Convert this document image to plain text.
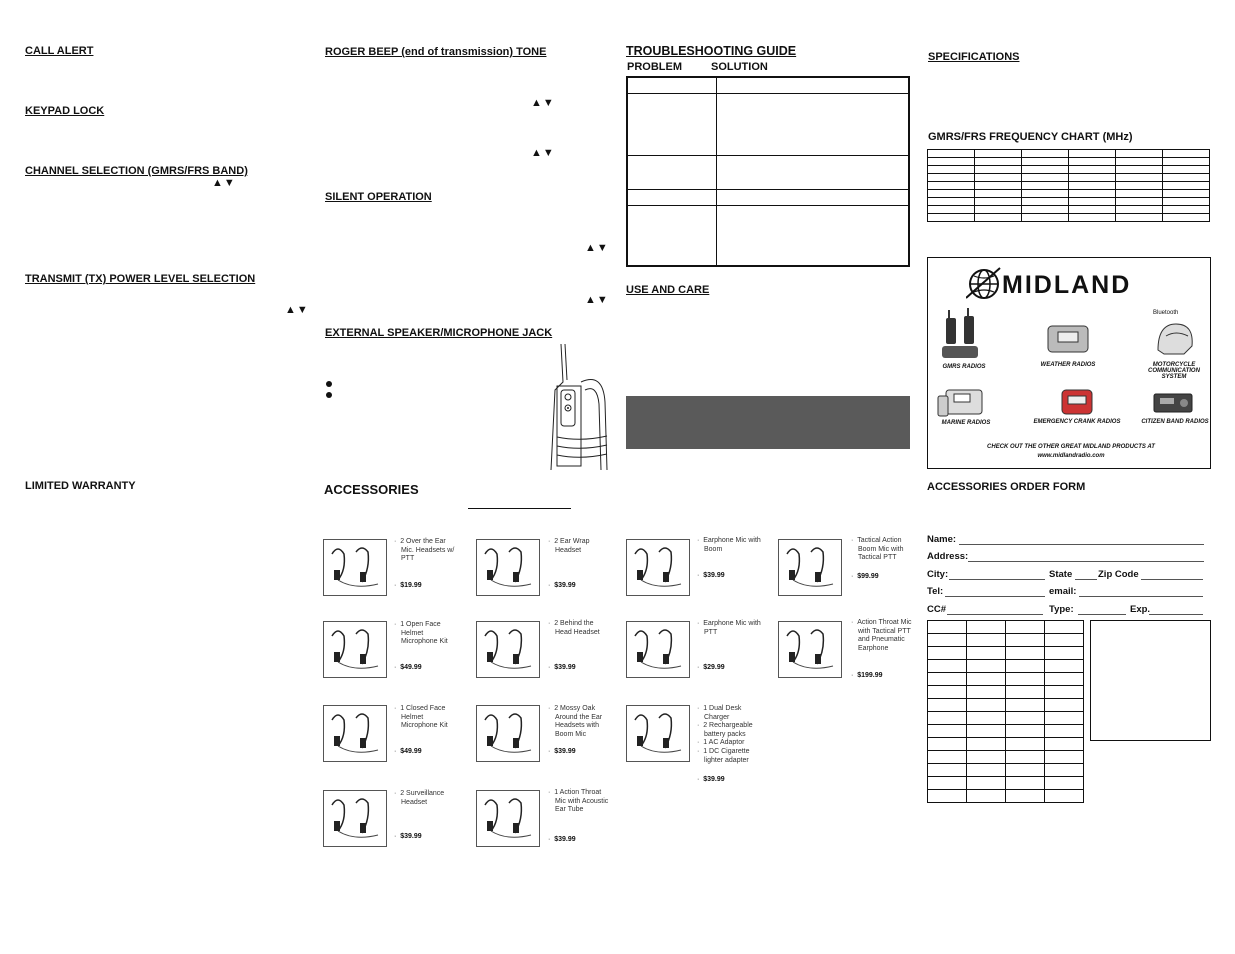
CALL ALERT
KEYPAD LOCK
CHANNEL SELECTION (GMRS/FRS BAND)
▲▼
TRANSMIT (TX) POWER LEVEL SELECTION
▲▼
LIMITED WARRANTY
ROGER BEEP (end of transmission) TONE
▲▼
▲▼
SILENT OPERATION
▲▼
▲▼
EXTERNAL SPEAKER/MICROPHONE JACK
TROUBLESHOOTING GUIDE
PROBLEM	SOLUTION

USE AND CARE
SPECIFICATIONS
GMRS/FRS FREQUENCY CHART (MHz)

MIDLAND
Bluetooth
GMRS RADIOS	WEATHER RADIOS	MOTORCYCLE COMMUNICATION SYSTEM
MARINE RADIOS	EMERGENCY CRANK RADIOS	CITIZEN BAND RADIOS
CHECK OUT THE OTHER GREAT MIDLAND PRODUCTS AT
www.midlandradio.com
ACCESSORIES ORDER FORM
Name:
Address:
City:	State	Zip Code
Tel:	email:
CC#	Type:	Exp.

ACCESSORIES
·  2 Over the Ear Mic. Headsets w/ PTT
·  $19.99
·  2 Ear Wrap Headset
·  $39.99
·  Earphone Mic with Boom
·  $39.99
·  Tactical Action Boom Mic with Tactical PTT
·  $99.99
·  1 Open Face Helmet Microphone Kit
·  $49.99
·  2 Behind the Head Headset
·  $39.99
·  Earphone Mic with PTT
·  $29.99
·  Action Throat Mic with Tactical PTT and Pneumatic Earphone
·  $199.99
·  1 Closed Face Helmet Microphone Kit
·  $49.99
·  2 Mossy Oak Around the Ear Headsets with Boom Mic
·  $39.99
·  1 Dual Desk Charger
·  2 Rechargeable battery packs
·  1 AC Adaptor
·  1 DC Cigarette lighter adapter
·  $39.99
·  2 Surveillance Headset
·  $39.99
·  1 Action Throat Mic with Acoustic Ear Tube
·  $39.99
